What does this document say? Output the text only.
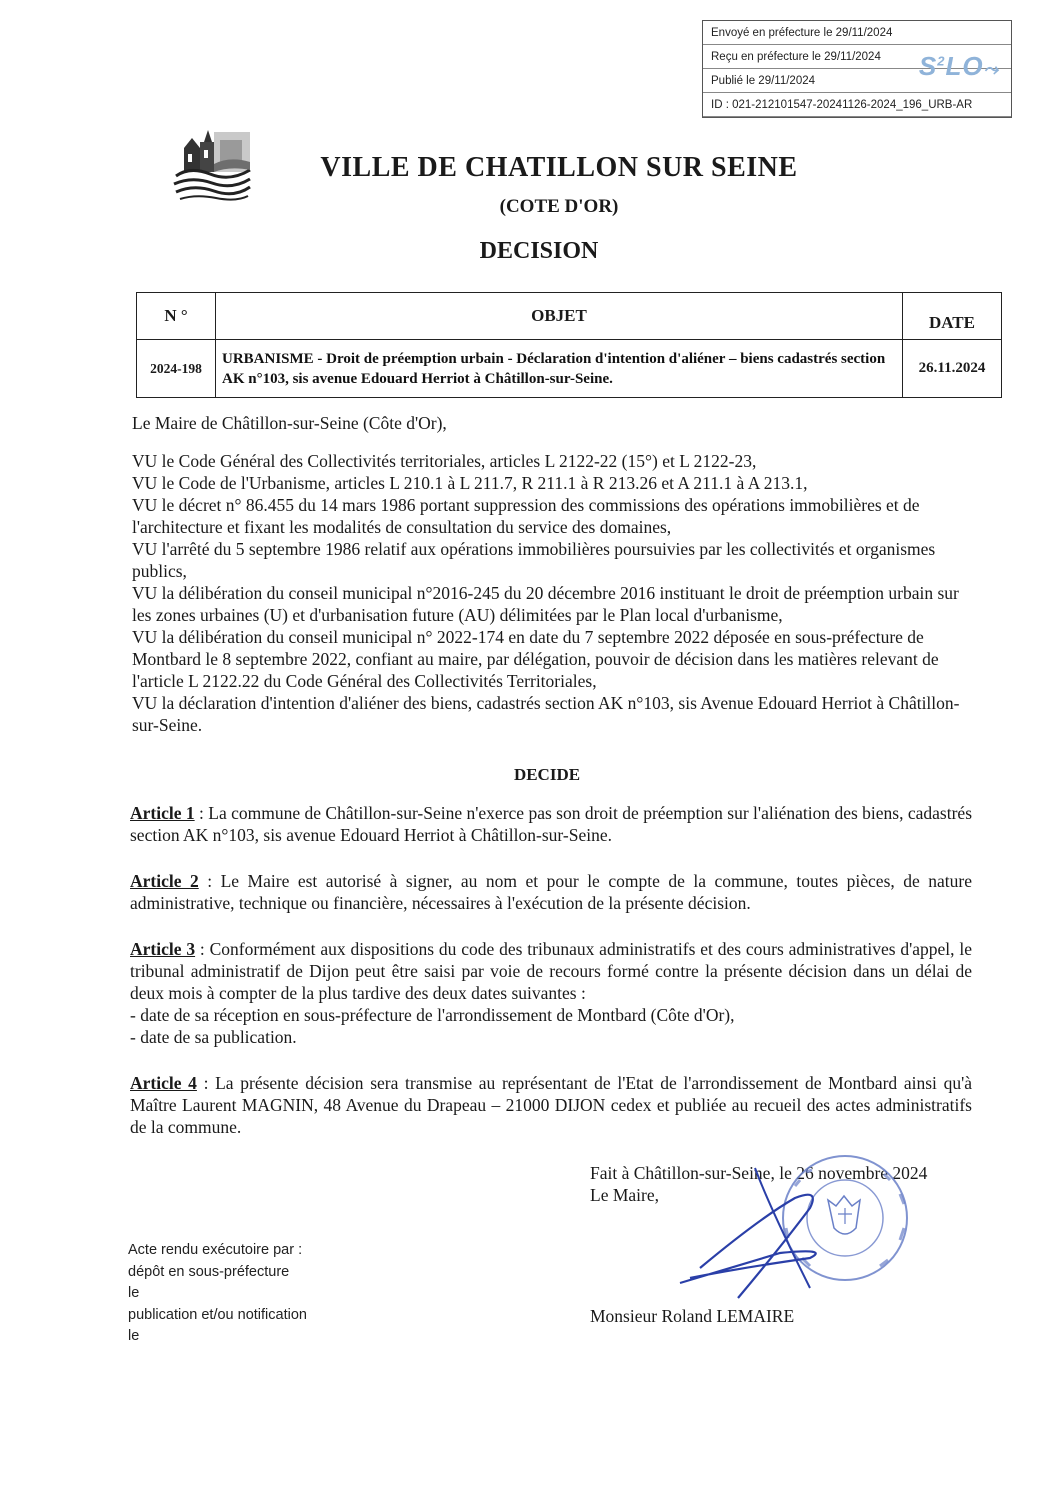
Envoyé en préfecture le 29/11/2024
Reçu en préfecture le 29/11/2024
Publié le 29/11/2024
ID : 021-212101547-20241126-2024_196_URB-AR
$S^2LO⤳$
VILLE DE CHATILLON SUR SEINE
(COTE D'OR)
DECISION
N °	OBJET	DATE
2024-198	URBANISME - Droit de préemption urbain - Déclaration d'intention d'aliéner – biens cadastrés section AK n°103, sis avenue Edouard Herriot à Châtillon-sur-Seine.	26.11.2024
Le Maire de Châtillon-sur-Seine (Côte d'Or),

VU le Code Général des Collectivités territoriales, articles L 2122-22 (15°) et L 2122-23,

VU le Code de l'Urbanisme, articles L 210.1 à L 211.7, R 211.1 à R 213.26 et A 211.1 à A 213.1,

VU le décret n° 86.455 du 14 mars 1986 portant suppression des commissions des opérations immobilières et de l'architecture et fixant les modalités de consultation du service des domaines,

VU l'arrêté du 5 septembre 1986 relatif aux opérations immobilières poursuivies par les collectivités et organismes publics,

VU la délibération du conseil municipal n°2016-245 du 20 décembre 2016 instituant le droit de préemption urbain sur les zones urbaines (U) et d'urbanisation future (AU) délimitées par le Plan local d'urbanisme,

VU la délibération du conseil municipal n° 2022-174 en date du 7 septembre 2022 déposée en sous-préfecture de Montbard le 8 septembre 2022, confiant au maire, par délégation, pouvoir de décision dans les matières relevant de l'article L 2122.22 du Code Général des Collectivités Territoriales,

VU la déclaration d'intention d'aliéner des biens, cadastrés section AK n°103, sis Avenue Edouard Herriot à Châtillon-sur-Seine.

DECIDE
Article 1 : La commune de Châtillon-sur-Seine n'exerce pas son droit de préemption sur l'aliénation des biens, cadastrés section AK n°103, sis avenue Edouard Herriot à Châtillon-sur-Seine.
Article 2 : Le Maire est autorisé à signer, au nom et pour le compte de la commune, toutes pièces, de nature administrative, technique ou financière, nécessaires à l'exécution de la présente décision.
Article 3 : Conformément aux dispositions du code des tribunaux administratifs et des cours administratives d'appel, le tribunal administratif de Dijon peut être saisi par voie de recours formé contre la présente décision dans un délai de deux mois à compter de la plus tardive des deux dates suivantes :
- date de sa réception en sous-préfecture de l'arrondissement de Montbard (Côte d'Or),
- date de sa publication.
Article 4 : La présente décision sera transmise au représentant de l'Etat de l'arrondissement de Montbard ainsi qu'à Maître Laurent MAGNIN, 48 Avenue du Drapeau – 21000 DIJON cedex et publiée au recueil des actes administratifs de la commune.
Fait à Châtillon-sur-Seine, le 26 novembre 2024
Le Maire,
Monsieur Roland LEMAIRE
Acte rendu exécutoire par :
dépôt en sous-préfecture
le
publication et/ou notification
le
